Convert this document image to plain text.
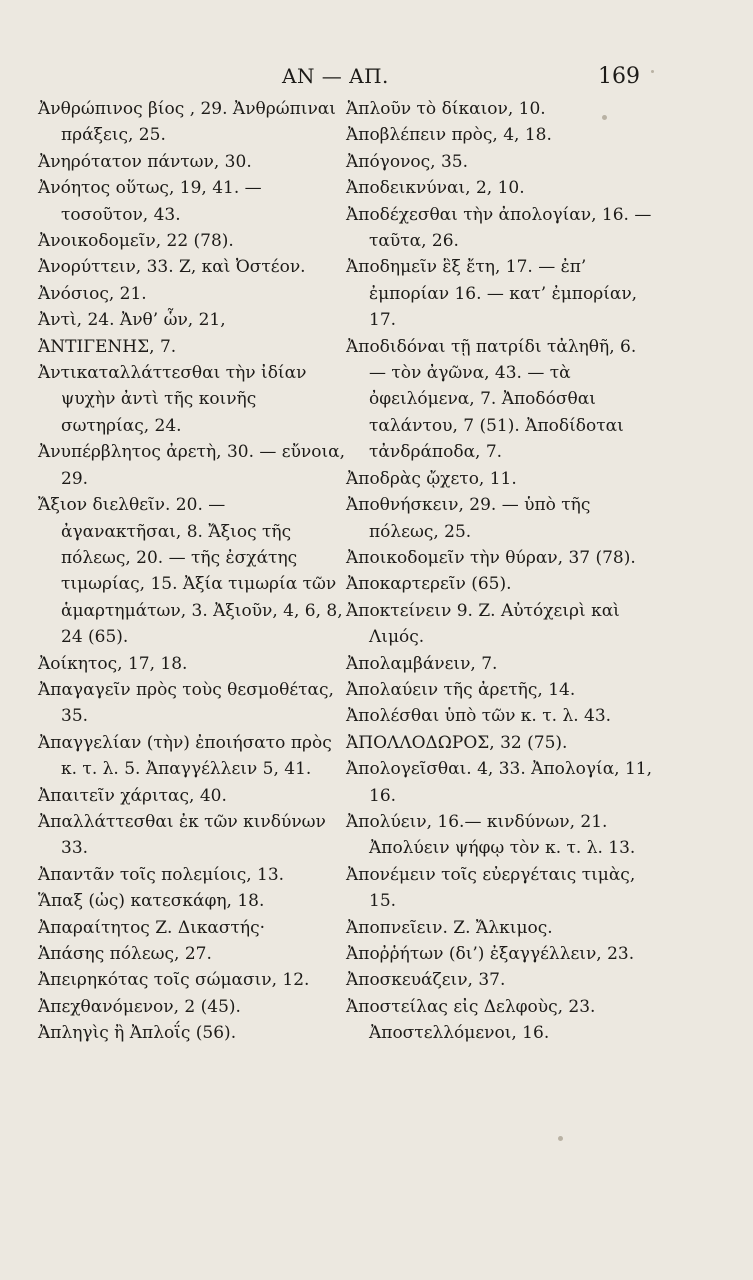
ΑΝ — ΑΠ.	169

Ἀνθρώπινος βίος , 29. Ἀνθρώπιναι πράξεις, 25.

Ἀνηρότατον πάντων, 30.

Ἀνόητος οὕτως, 19, 41. — τοσοῦτον, 43.

Ἀνοικοδομεῖν, 22 (78).

Ἀνορύττειν, 33. Ζ, καὶ Ὀστέον.

Ἀνόσιος, 21.

Ἀντὶ, 24. Ἀνθ’ ὧν, 21,

ἈΝΤΙΓΕΝΗΣ, 7.

Ἀντικαταλλάττεσθαι τὴν ἰδίαν ψυχὴν ἀντὶ τῆς κοινῆς σωτηρίας, 24.

Ἀνυπέρβλητος ἀρετὴ, 30. — εὔνοια, 29.

Ἄξιον διελθεῖν. 20. — ἀγανακτῆσαι, 8. Ἄξιος τῆς πόλεως, 20. — τῆς ἐσχάτης τιμωρίας, 15. Ἀξία τιμωρία τῶν ἁμαρτημάτων, 3. Ἀξιοῦν, 4, 6, 8, 24 (65).

Ἀοίκητος, 17, 18.

Ἀπαγαγεῖν πρὸς τοὺς θεσμοθέτας, 35.

Ἀπαγγελίαν (τὴν) ἐποιήσατο πρὸς κ. τ. λ. 5. Ἀπαγγέλλειν 5, 41.

Ἀπαιτεῖν χάριτας, 40.

Ἀπαλλάττεσθαι ἐκ τῶν κινδύνων 33.

Ἀπαντᾶν τοῖς πολεμίοις, 13.

Ἅπαξ (ὡς) κατεσκάφη, 18.

Ἀπαραίτητος Ζ. Δικαστής·

Ἁπάσης πόλεως, 27.

Ἀπειρηκότας τοῖς σώμασιν, 12.

Ἀπεχθανόμενον, 2 (45).

Ἀπληγὶς ἢ Ἀπλοΐς (56).

Ἁπλοῦν τὸ δίκαιον, 10.

Ἀποβλέπειν πρὸς, 4, 18.

Ἀπόγονος, 35.

Ἀποδεικνύναι, 2, 10.

Ἀποδέχεσθαι τὴν ἀπολογίαν, 16. — ταῦτα, 26.

Ἀποδημεῖν ἓξ ἔτη, 17. — ἐπ’ ἐμπορίαν 16. — κατ’ ἐμπορίαν, 17.

Ἀποδιδόναι τῇ πατρίδι τἀληθῆ, 6. — τὸν ἀγῶνα, 43. — τὰ ὀφειλόμενα, 7. Ἀποδόσθαι ταλάντου, 7 (51). Ἀποδίδοται τἀνδράποδα, 7.

Ἀποδρὰς ᾤχετο, 11.

Ἀποθνήσκειν, 29. — ὑπὸ τῆς πόλεως, 25.

Ἀποικοδομεῖν τὴν θύραν, 37 (78).

Ἀποκαρτερεῖν (65).

Ἀποκτείνειν 9. Ζ. Αὐτόχειρὶ καὶ Λιμός.

Ἀπολαμβάνειν, 7.

Ἀπολαύειν τῆς ἀρετῆς, 14.

Ἀπολέσθαι ὑπὸ τῶν κ. τ. λ. 43.

ἈΠΟΛΛΟΔΩΡΟΣ, 32 (75).

Ἀπολογεῖσθαι. 4, 33. Ἀπολογία, 11, 16.

Ἀπολύειν, 16.— κινδύνων, 21. Ἀπολύειν ψήφῳ τὸν κ. τ. λ. 13.

Ἀπονέμειν τοῖς εὐεργέταις τιμὰς, 15.

Ἀποπνεῖειν. Ζ. Ἄλκιμος.

Ἀποῤῥήτων (δι’) ἐξαγγέλλειν, 23.

Ἀποσκευάζειν, 37.

Ἀποστείλας εἰς Δελφοὺς, 23. Ἀποστελλόμενοι, 16.
